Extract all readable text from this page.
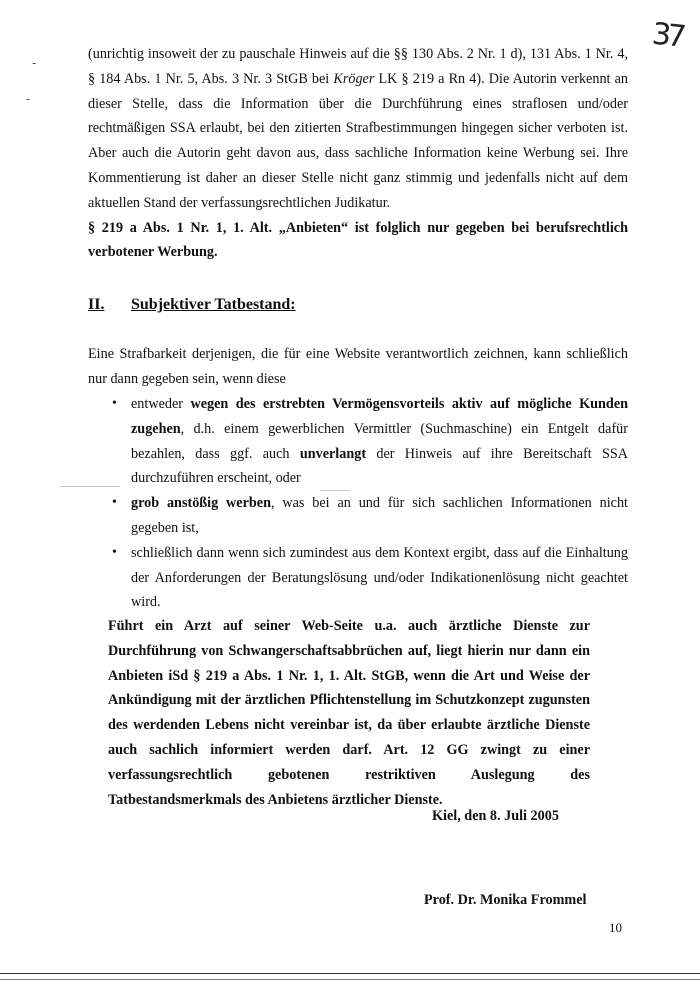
37
-
-

(unrichtig insoweit der zu pauschale Hinweis auf die §§ 130 Abs. 2 Nr. 1 d), 131 Abs. 1 Nr. 4, § 184 Abs. 1 Nr. 5, Abs. 3 Nr. 3 StGB bei Kröger LK § 219 a Rn 4). Die Autorin verkennt an dieser Stelle, dass die Information über die Durchführung eines straflosen und/oder rechtmäßigen SSA erlaubt, bei den zitierten Strafbestimmungen hingegen sicher verboten ist. Aber auch die Autorin geht davon aus, dass sachliche Information keine Werbung sei. Ihre Kommentierung ist daher an dieser Stelle nicht ganz stimmig und jedenfalls nicht auf dem aktuellen Stand der verfassungsrechtlichen Judikatur.

§ 219 a Abs. 1 Nr. 1, 1. Alt. „Anbieten“ ist folglich nur gegeben bei berufsrechtlich verbotener Werbung.

II. Subjektiver Tatbestand:

Eine Strafbarkeit derjenigen, die für eine Website verantwortlich zeichnen, kann schließlich nur dann gegeben sein, wenn diese

• entweder wegen des erstrebten Vermögensvorteils aktiv auf mögliche Kunden zugehen, d.h. einem gewerblichen Vermittler (Suchmaschine) ein Entgelt dafür bezahlen, dass ggf. auch unverlangt der Hinweis auf ihre Bereitschaft SSA durchzuführen erscheint, oder
• grob anstößig werben, was bei an und für sich sachlichen Informationen nicht gegeben ist,
• schließlich dann wenn sich zumindest aus dem Kontext ergibt, dass auf die Einhaltung der Anforderungen der Beratungslösung und/oder Indikationenlösung nicht geachtet wird.
Führt ein Arzt auf seiner Web-Seite u.a. auch ärztliche Dienste zur Durchführung von Schwangerschaftsabbrüchen auf, liegt hierin nur dann ein Anbieten iSd § 219 a Abs. 1 Nr. 1, 1. Alt. StGB, wenn die Art und Weise der Ankündigung mit der ärztlichen Pflichtenstellung im Schutzkonzept zugunsten des werdenden Lebens nicht vereinbar ist, da über erlaubte ärztliche Dienste auch sachlich informiert werden darf. Art. 12 GG zwingt zu einer verfassungsrechtlich gebotenen restriktiven Auslegung des Tatbestandsmerkmals des Anbietens ärztlicher Dienste.
Kiel, den 8. Juli 2005
Prof. Dr. Monika Frommel
10
